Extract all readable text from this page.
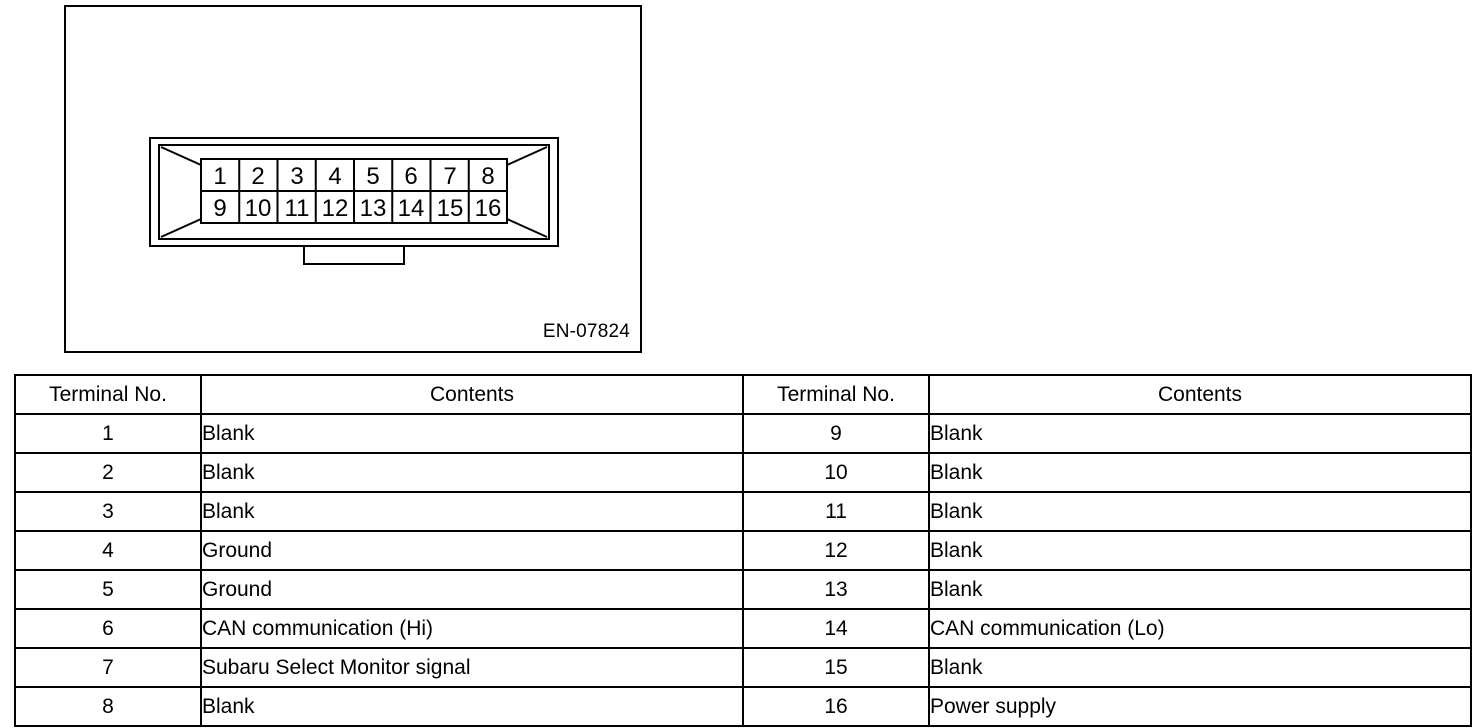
1 2 3 4 5 6 7 8
9 10 11 12 13 14 15 16
EN-07824
Terminal No.	Contents	Terminal No.	Contents
1	Blank	9	Blank
2	Blank	10	Blank
3	Blank	11	Blank
4	Ground	12	Blank
5	Ground	13	Blank
6	CAN communication (Hi)	14	CAN communication (Lo)
7	Subaru Select Monitor signal	15	Blank
8	Blank	16	Power supply
